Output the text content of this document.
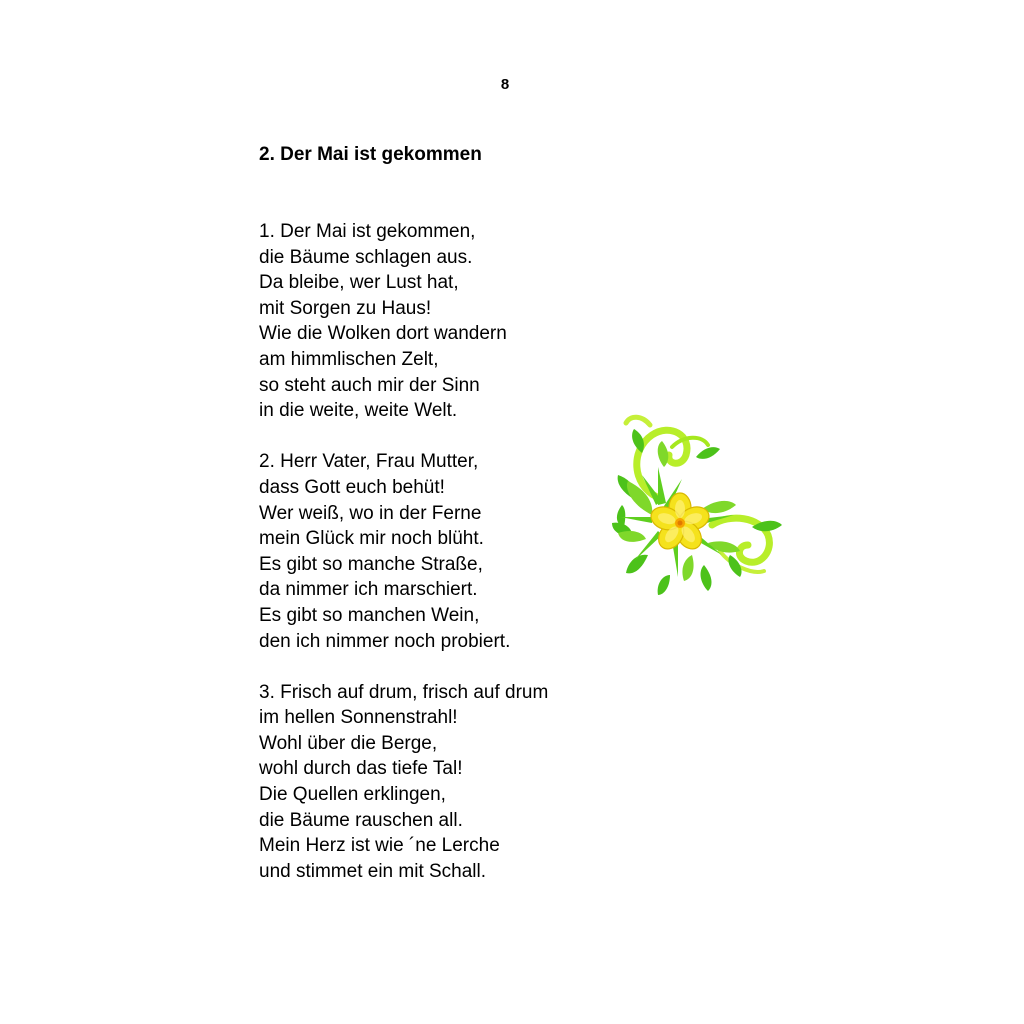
8
2. Der Mai ist gekommen
1. Der Mai ist gekommen,
die Bäume schlagen aus.
Da bleibe, wer Lust hat,
mit Sorgen zu Haus!
Wie die Wolken dort wandern
am himmlischen Zelt,
so steht auch mir der Sinn
in die weite, weite Welt.
2. Herr Vater, Frau Mutter,
dass Gott euch behüt!
Wer weiß, wo in der Ferne
mein Glück mir noch blüht.
Es gibt so manche Straße,
da nimmer ich marschiert.
Es gibt so manchen Wein,
den ich nimmer noch probiert.
3. Frisch auf drum, frisch auf drum
im hellen Sonnenstrahl!
Wohl über die Berge,
wohl durch das tiefe Tal!
Die Quellen erklingen,
die Bäume rauschen all.
Mein Herz ist wie ´ne Lerche
und stimmet ein mit Schall.
